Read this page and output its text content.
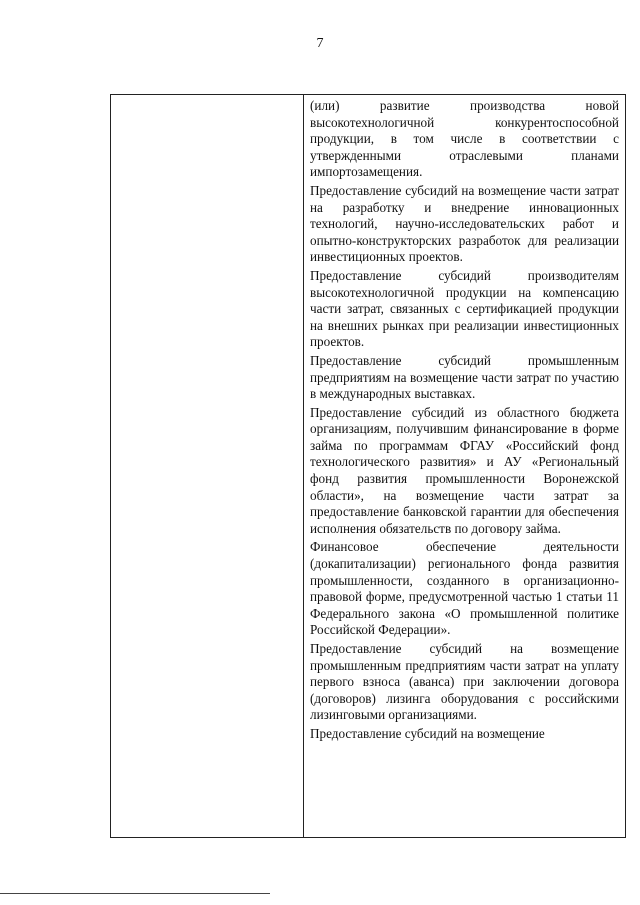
7

(или) развитие производства новой высокотехнологичной конкурентоспособной продукции, в том числе в соответствии с утвержденными отраслевыми планами импортозамещения.

Предоставление субсидий на возмещение части затрат на разработку и внедрение инновационных технологий, научно-исследовательских работ и опытно-конструкторских разработок для реализации инвестиционных проектов.

Предоставление субсидий производителям высокотехнологичной продукции на компенсацию части затрат, связанных с сертификацией продукции на внешних рынках при реализации инвестиционных проектов.

Предоставление субсидий промышленным предприятиям на возмещение части затрат по участию в международных выставках.

Предоставление субсидий из областного бюджета организациям, получившим финансирование в форме займа по программам ФГАУ «Российский фонд технологического развития» и АУ «Региональный фонд развития промышленности Воронежской области», на возмещение части затрат за предоставление банковской гарантии для обеспечения исполнения обязательств по договору займа.

Финансовое обеспечение деятельности (докапитализации) регионального фонда развития промышленности, созданного в организационно-правовой форме, предусмотренной частью 1 статьи 11 Федерального закона «О промышленной политике Российской Федерации».

Предоставление субсидий на возмещение промышленным предприятиям части затрат на уплату первого взноса (аванса) при заключении договора (договоров) лизинга оборудования с российскими лизинговыми организациями.

Предоставление субсидий на возмещение
